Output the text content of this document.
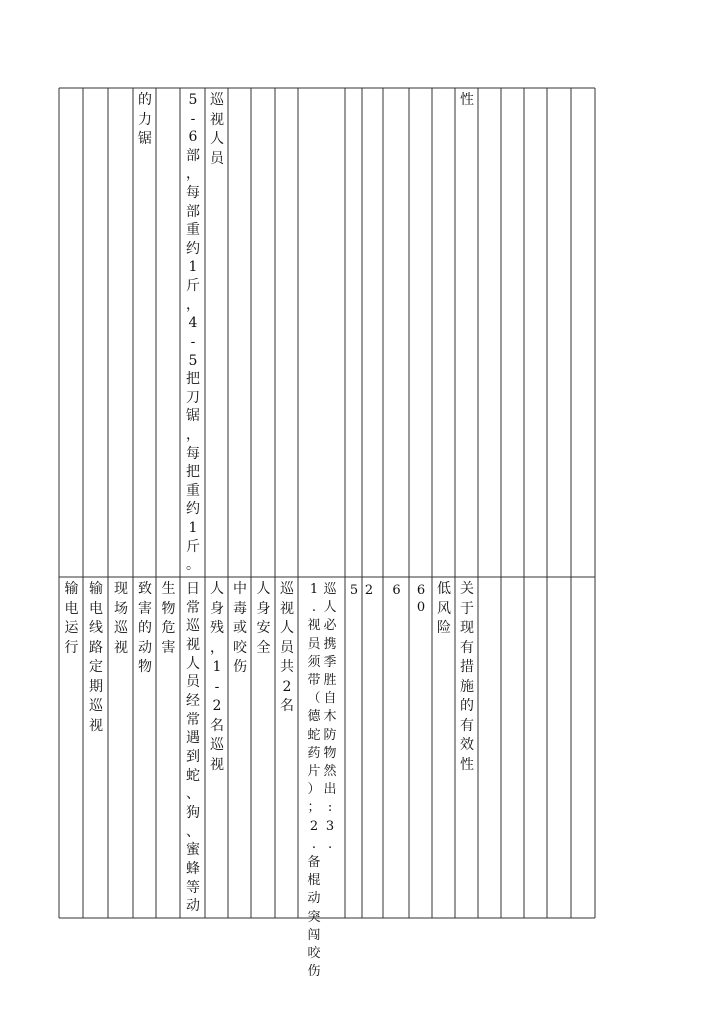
的
力
锯
5
-
6
部
，
每
部
重
约
1
斤
，
4
-
5
把
刀
锯
，
每
把
重
约
1
斤
。
巡
视
人
员
性
输
电
运
行
输
电
线
路
定
期
巡
视
现
场
巡
视
致
害
的
动
物
生
物
危
害
日
常
巡
视
人
员
经
常
遇
到
蛇
、
狗
、
蜜
蜂
等
动
人
身
残
，
1
-
2
名
巡
视
中
毒
或
咬
伤
人
身
安
全
巡
视
人
员
共
2
名
1
.
视
员
须
带
（
德
蛇
药
片
）
；
2
.
备
棍
动
突
闯
咬
伤
巡
人
必
携
季
胜
自
木
防
物
然
出
:
3
.
5 2	6	6
0
低
风
险
关
于
现
有
措
施
的
有
效
性
